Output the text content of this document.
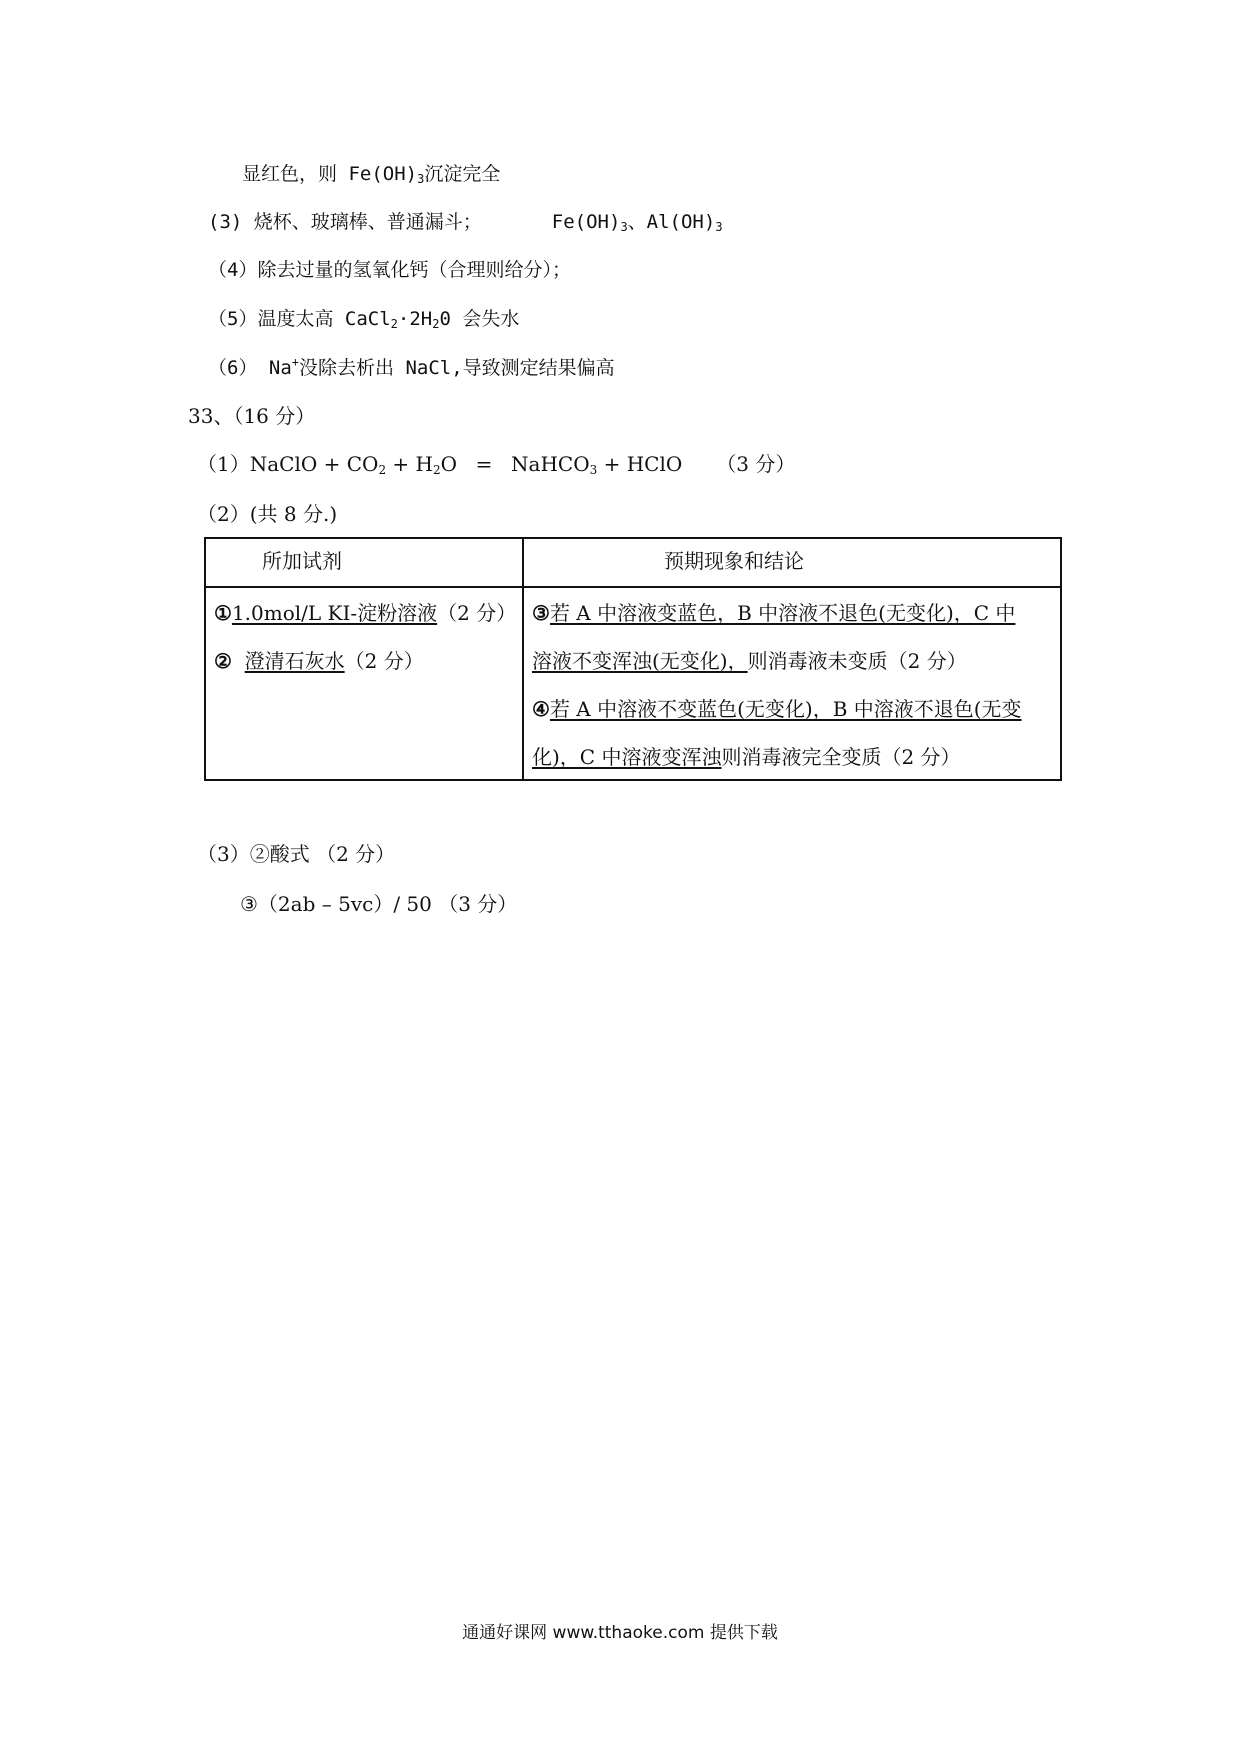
显红色，则 $Fe(OH)_3$沉淀完全
(3) 烧杯、玻璃棒、普通漏斗；	$Fe(OH)_3$、$Al(OH)_3$
（4）除去过量的氢氧化钙（合理则给分）；
（5）温度太高 $CaCl_2\cdot 2H_20$ 会失水
（6） Na+没除去析出 NaCl,导致测定结果偏高
33、（16 分）
（1）NaClO + $CO_2 + H_2O$ = NaHCO$_3$ + HClO （3 分）
（2）(共 8 分.)
所加试剂	预期现象和结论
①1.0mol/L KI-淀粉溶液（2 分）
② 澄清石灰水（2 分）
③若 A 中溶液变蓝色，B 中溶液不退色(无变化)，C 中
溶液不变浑浊(无变化)，则消毒液未变质（2 分）
④若 A 中溶液不变蓝色(无变化)，B 中溶液不退色(无变
化)，C 中溶液变浑浊则消毒液完全变质（2 分）
（3）②酸式 （2 分）
③（2ab – 5vc）/ 50 （3 分）
通通好课网 www.tthaoke.com 提供下载
